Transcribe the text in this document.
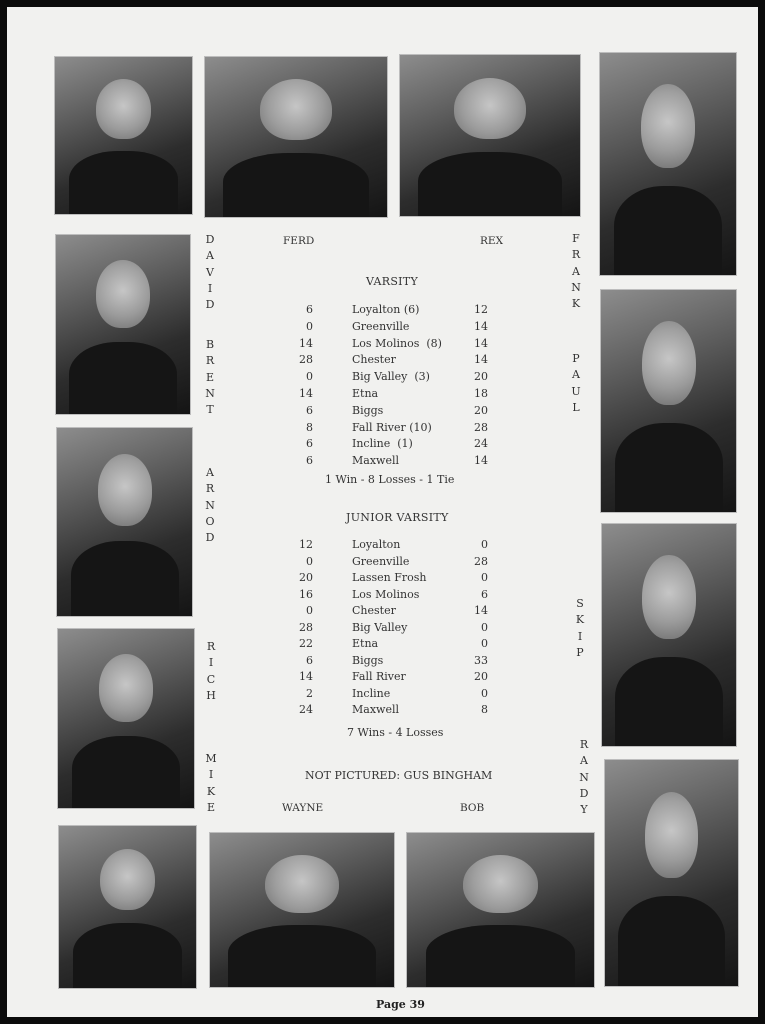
FERD	REX
WAYNE	BOB
D
A
V
I
D
B
R
E
N
T
A
R
N
O
D
R
I
C
H
M
I
K
E
F
R
A
N
K
P
A
U
L
S
K
I
P
R
A
N
D
Y
VARSITY
6	Loyalton (6)	12
0	Greenville	14
14	Los Molinos  (8)	14
28	Chester	14
0	Big Valley  (3)	20
14	Etna	18
6	Biggs	20
8	Fall River (10)	28
6	Incline  (1)	24
6	Maxwell	14
1 Win - 8 Losses - 1 Tie
JUNIOR VARSITY
12	Loyalton	0
0	Greenville	28
20	Lassen Frosh	0
16	Los Molinos	6
0	Chester	14
28	Big Valley	0
22	Etna	0
6	Biggs	33
14	Fall River	20
2	Incline	0
24	Maxwell	8
7 Wins - 4 Losses
NOT PICTURED: GUS BINGHAM
Page 39
